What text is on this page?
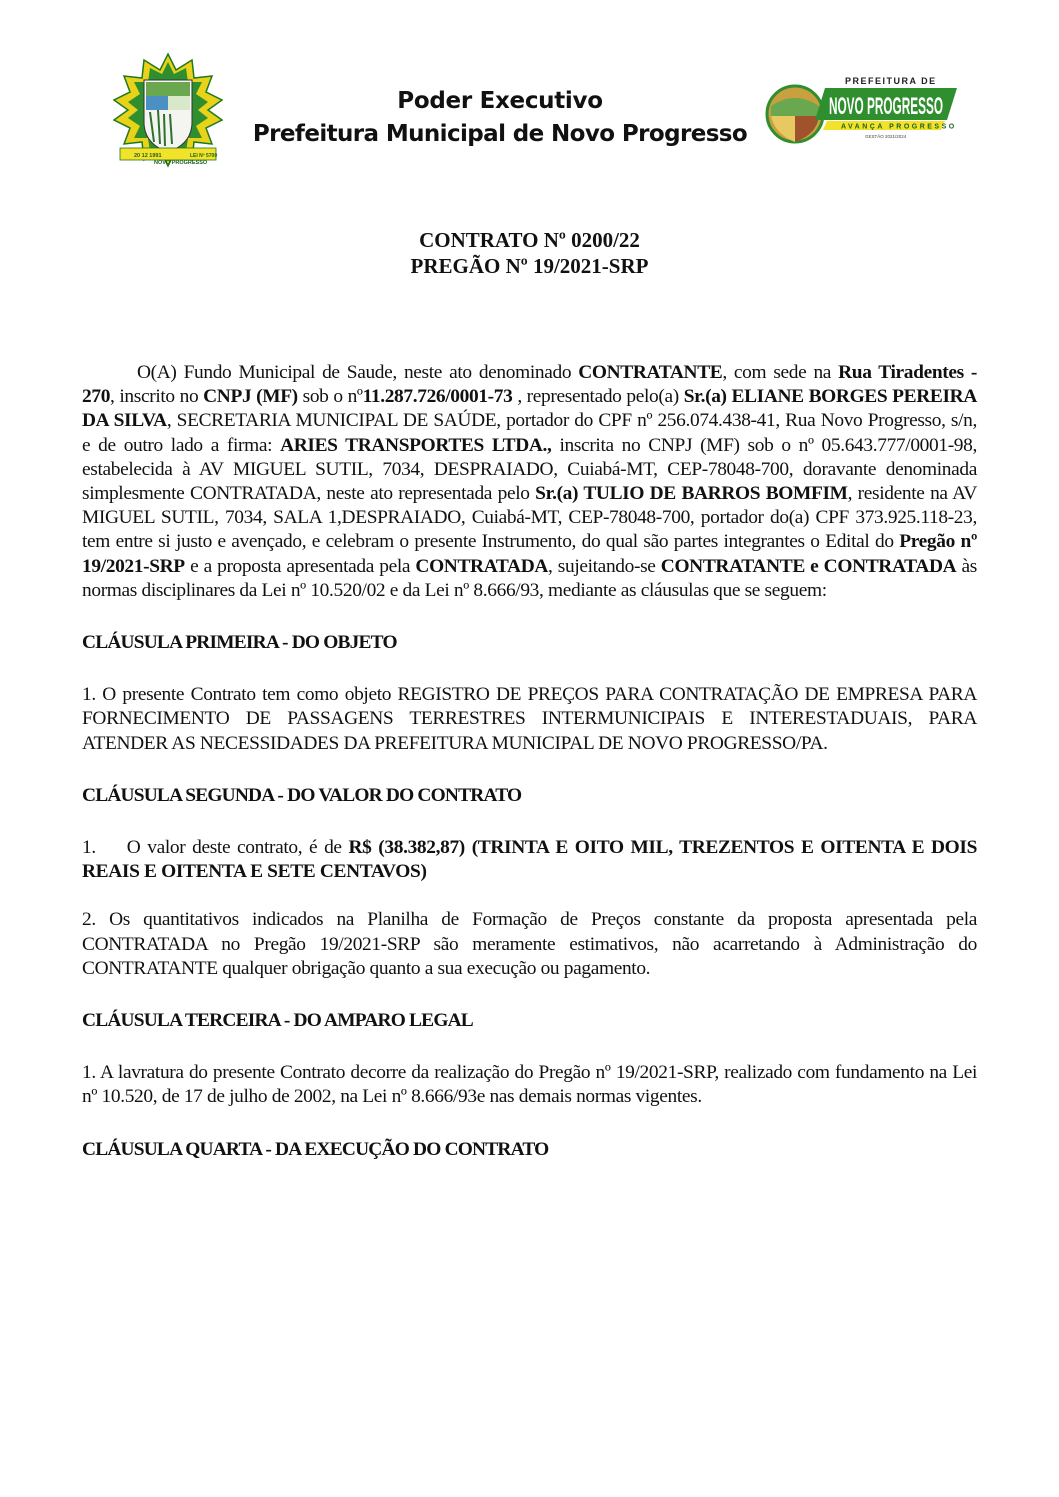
20 12 1991
NOVO PROGRESSO
LEI Nº 5700
Poder Executivo
Prefeitura Municipal de Novo Progresso
PREFEITURA DE
NOVO PROGRESSO
AVANÇA PROGRESSO
GESTÃO 2021/2024
CONTRATO Nº 0200/22
PREGÃO Nº 19/2021-SRP

O(A) Fundo Municipal de Saude, neste ato denominado CONTRATANTE, com sede na Rua Tiradentes - 270, inscrito no CNPJ (MF) sob o nº11.287.726/0001-73 , representado pelo(a) Sr.(a) ELIANE BORGES PEREIRA DA SILVA, SECRETARIA MUNICIPAL DE SAÚDE, portador do CPF nº 256.074.438-41, Rua Novo Progresso, s/n, e de outro lado a firma: ARIES TRANSPORTES LTDA., inscrita no CNPJ (MF) sob o nº 05.643.777/0001-98, estabelecida à AV MIGUEL SUTIL, 7034, DESPRAIADO, Cuiabá-MT, CEP-78048-700, doravante denominada simplesmente CONTRATADA, neste ato representada pelo Sr.(a) TULIO DE BARROS BOMFIM, residente na AV MIGUEL SUTIL, 7034, SALA 1,DESPRAIADO, Cuiabá-MT, CEP-78048-700, portador do(a) CPF 373.925.118-23, tem entre si justo e avençado, e celebram o presente Instrumento, do qual são partes integrantes o Edital do Pregão nº 19/2021-SRP e a proposta apresentada pela CONTRATADA, sujeitando-se CONTRATANTE e CONTRATADA às normas disciplinares da Lei nº 10.520/02 e da Lei nº 8.666/93, mediante as cláusulas que se seguem:

CLÁUSULA PRIMEIRA - DO OBJETO

1. O presente Contrato tem como objeto REGISTRO DE PREÇOS PARA CONTRATAÇÃO DE EMPRESA PARA FORNECIMENTO DE PASSAGENS TERRESTRES INTERMUNICIPAIS E INTERESTADUAIS, PARA ATENDER AS NECESSIDADES DA PREFEITURA MUNICIPAL DE NOVO PROGRESSO/PA.

CLÁUSULA SEGUNDA - DO VALOR DO CONTRATO

1. O valor deste contrato, é de R$ (38.382,87) (TRINTA E OITO MIL, TREZENTOS E OITENTA E DOIS REAIS E OITENTA E SETE CENTAVOS)

2. Os quantitativos indicados na Planilha de Formação de Preços constante da proposta apresentada pela CONTRATADA no Pregão 19/2021-SRP são meramente estimativos, não acarretando à Administração do CONTRATANTE qualquer obrigação quanto a sua execução ou pagamento.

CLÁUSULA TERCEIRA - DO AMPARO LEGAL

1. A lavratura do presente Contrato decorre da realização do Pregão nº 19/2021-SRP, realizado com fundamento na Lei nº 10.520, de 17 de julho de 2002, na Lei nº 8.666/93e nas demais normas vigentes.

CLÁUSULA QUARTA - DA EXECUÇÃO DO CONTRATO
